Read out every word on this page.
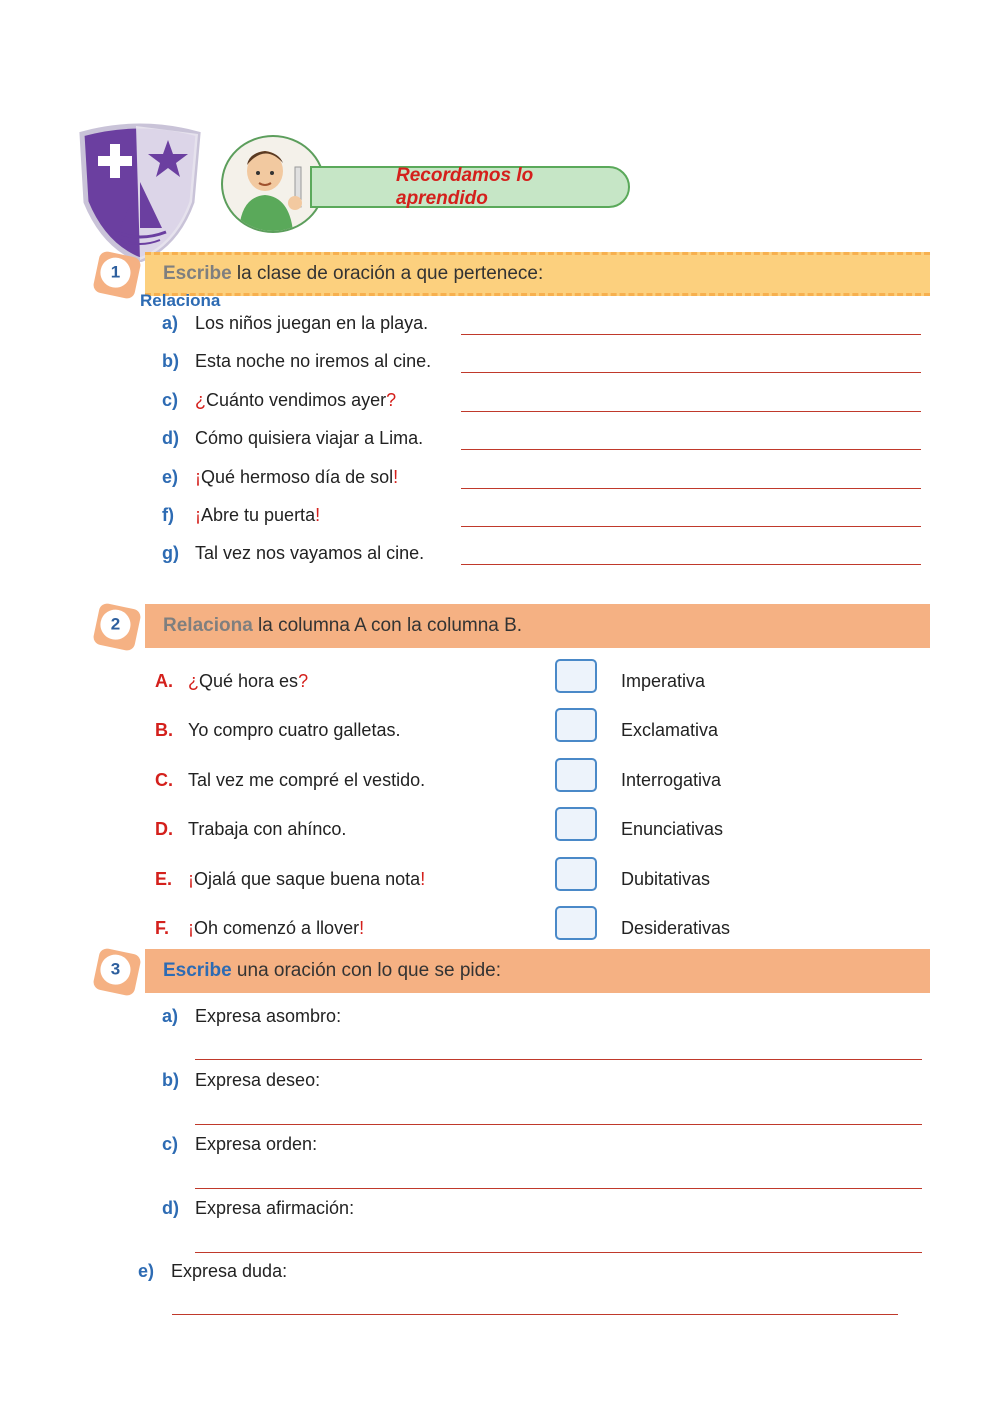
Recordamos lo
aprendido
1	Escribe la clase de oración a que pertenece:
Relaciona
a) Los niños juegan en la playa.
b) Esta noche no iremos al cine.
c) ¿Cuánto vendimos ayer?
d) Cómo quisiera viajar a Lima.
e) ¡Qué hermoso día de sol!
f) ¡Abre tu puerta!
g) Tal vez nos vayamos al cine.
2	Relaciona la columna A con la columna B.
A. ¿Qué hora es?	Imperativa
B. Yo compro cuatro galletas.	Exclamativa
C. Tal vez me compré el vestido.	Interrogativa
D. Trabaja con ahínco.	Enunciativas
E. ¡Ojalá que saque buena nota!	Dubitativas
F. ¡Oh comenzó a llover!	Desiderativas
3	Escribe una oración con lo que se pide:
a) Expresa asombro:
b) Expresa deseo:
c) Expresa orden:
d) Expresa afirmación:
e) Expresa duda:
